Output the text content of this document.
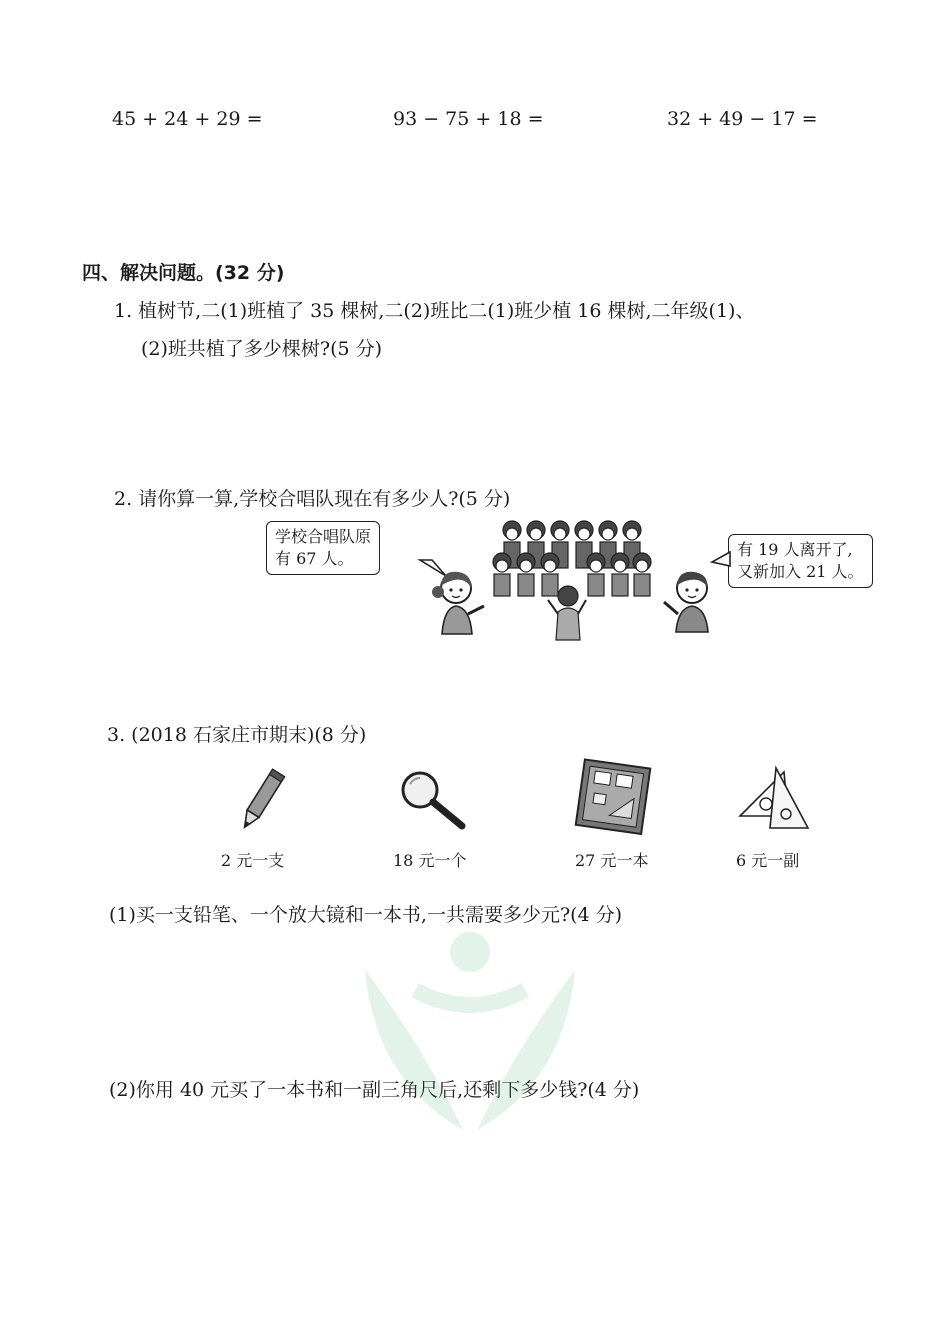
45 + 24 + 29 =	93 − 75 + 18 =	32 + 49 − 17 =
四、解决问题。(32 分)
1. 植树节,二(1)班植了 35 棵树,二(2)班比二(1)班少植 16 棵树,二年级(1)、
(2)班共植了多少棵树?(5 分)
2. 请你算一算,学校合唱队现在有多少人?(5 分)
学校合唱队原
有 67 人。	有 19 人离开了,
又新加入 21 人。
3. (2018 石家庄市期末)(8 分)
2 元一支	18 元一个	27 元一本	6 元一副
(1)买一支铅笔、一个放大镜和一本书,一共需要多少元?(4 分)
(2)你用 40 元买了一本书和一副三角尺后,还剩下多少钱?(4 分)
